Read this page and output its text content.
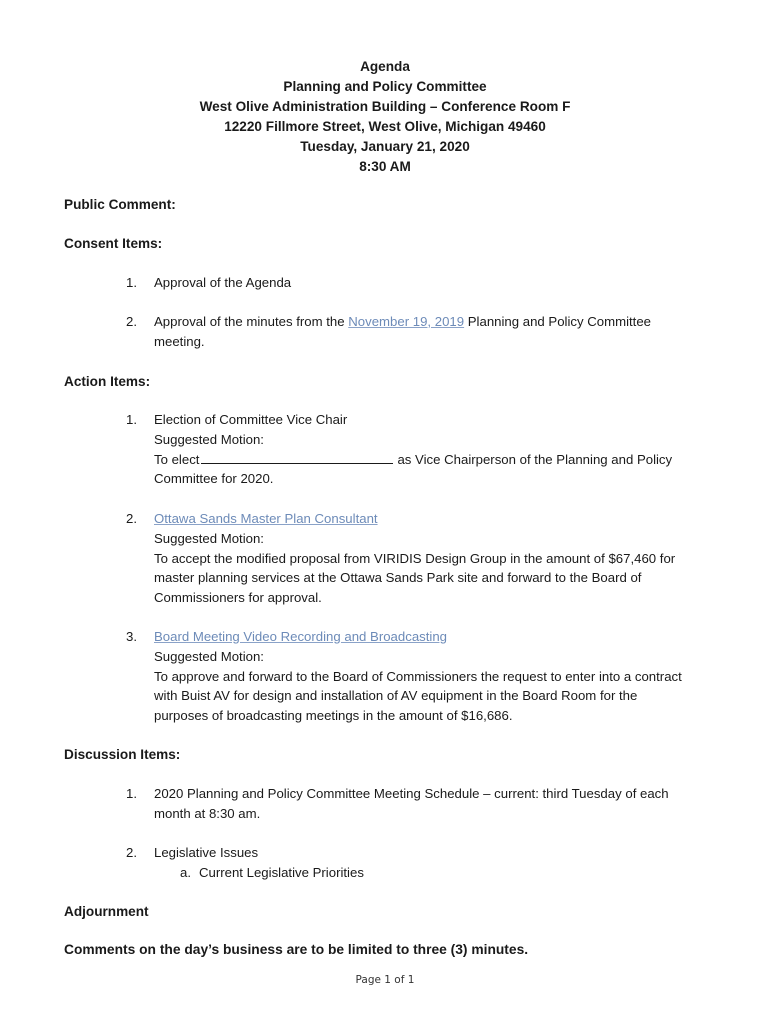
Agenda
Planning and Policy Committee
West Olive Administration Building – Conference Room F
12220 Fillmore Street, West Olive, Michigan 49460
Tuesday, January 21, 2020
8:30 AM
Public Comment:
Consent Items:
1.	Approval of the Agenda
2.	Approval of the minutes from the November 19, 2019 Planning and Policy Committee
meeting.
Action Items:
1.	Election of Committee Vice Chair
Suggested Motion:
To elect	as Vice Chairperson of the Planning and Policy
Committee for 2020.
2.	Ottawa Sands Master Plan Consultant
Suggested Motion:
To accept the modified proposal from VIRIDIS Design Group in the amount of $67,460 for
master planning services at the Ottawa Sands Park site and forward to the Board of
Commissioners for approval.
3.	Board Meeting Video Recording and Broadcasting
Suggested Motion:
To approve and forward to the Board of Commissioners the request to enter into a contract
with Buist AV for design and installation of AV equipment in the Board Room for the
purposes of broadcasting meetings in the amount of $16,686.
Discussion Items:
1.	2020 Planning and Policy Committee Meeting Schedule – current: third Tuesday of each
month at 8:30 am.
2.	Legislative Issues
a. Current Legislative Priorities
Adjournment
Comments on the day’s business are to be limited to three (3) minutes.
Page 1 of 1
